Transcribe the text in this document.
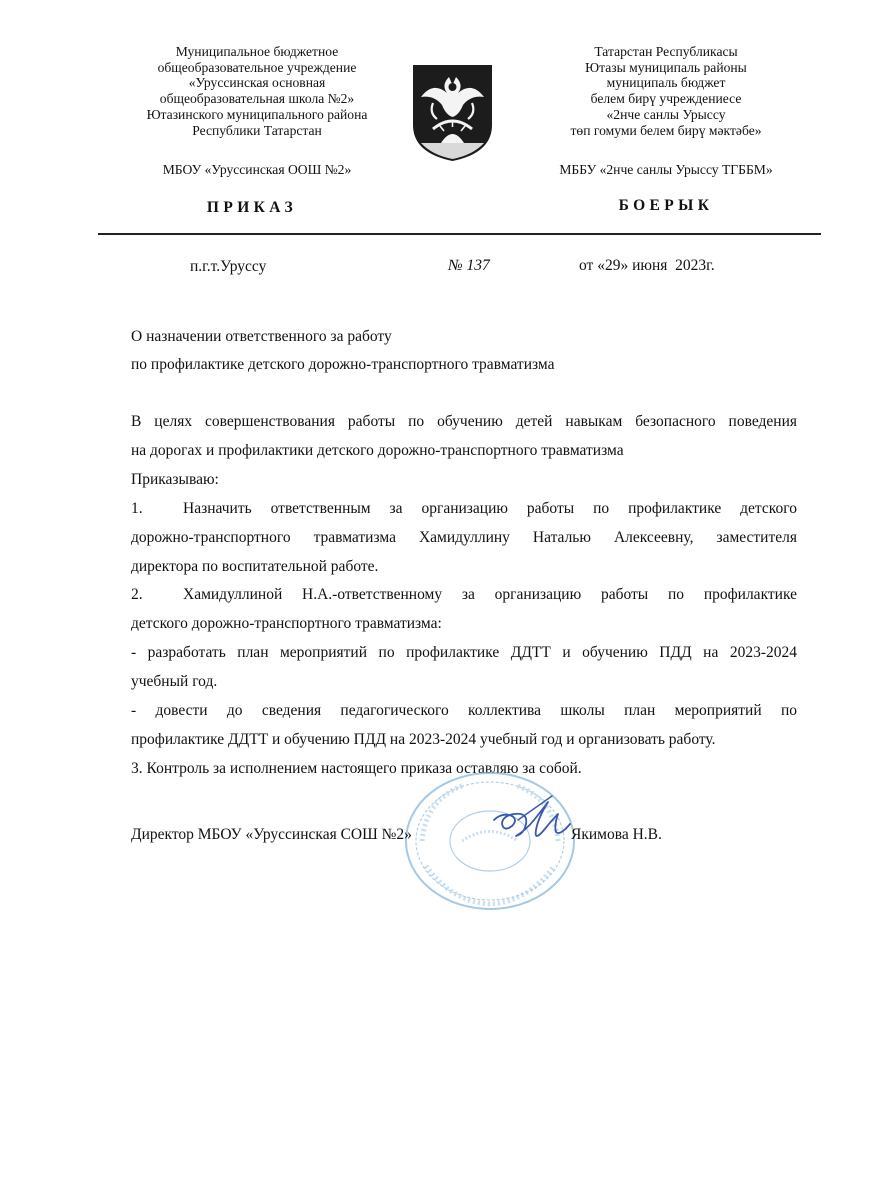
Муниципальное бюджетное
общеобразовательное учреждение
«Уруссинская основная
общеобразовательная школа №2»
Ютазинского муниципального района
Республики Татарстан
МБОУ «Уруссинская ООШ №2»
ПРИКАЗ
Татарстан Республикасы
Ютазы муниципаль районы
муниципаль бюджет
белем бирү учреждениесе
«2нче санлы Урыссу
төп гомуми белем бирү мәктәбе»
МББУ «2нче санлы Урыссу ТГББМ»
БОЕРЫК
п.г.т.Уруссу	№ 137	от «29» июня  2023г.
О назначении ответственного за работу
по профилактике детского дорожно-транспортного травматизма

В целях совершенствования работы по обучению детей навыкам безопасного поведения

на дорогах и профилактики детского дорожно-транспортного травматизма

Приказываю:

1.	Назначить ответственным за организацию работы по профилактике детского

дорожно-транспортного травматизма Хамидуллину Наталью Алексеевну, заместителя

директора по воспитательной работе.

2.	Хамидуллиной Н.А.-ответственному за организацию работы по профилактике

детского дорожно-транспортного травматизма:

- разработать план мероприятий по профилактике ДДТТ и обучению ПДД на 2023-2024

учебный год.

- довести до сведения педагогического коллектива школы план мероприятий по

профилактике ДДТТ и обучению ПДД на 2023-2024 учебный год и организовать работу.

3. Контроль за исполнением настоящего приказа оставляю за собой.

Директор МБОУ «Уруссинская СОШ №2»	Якимова Н.В.
